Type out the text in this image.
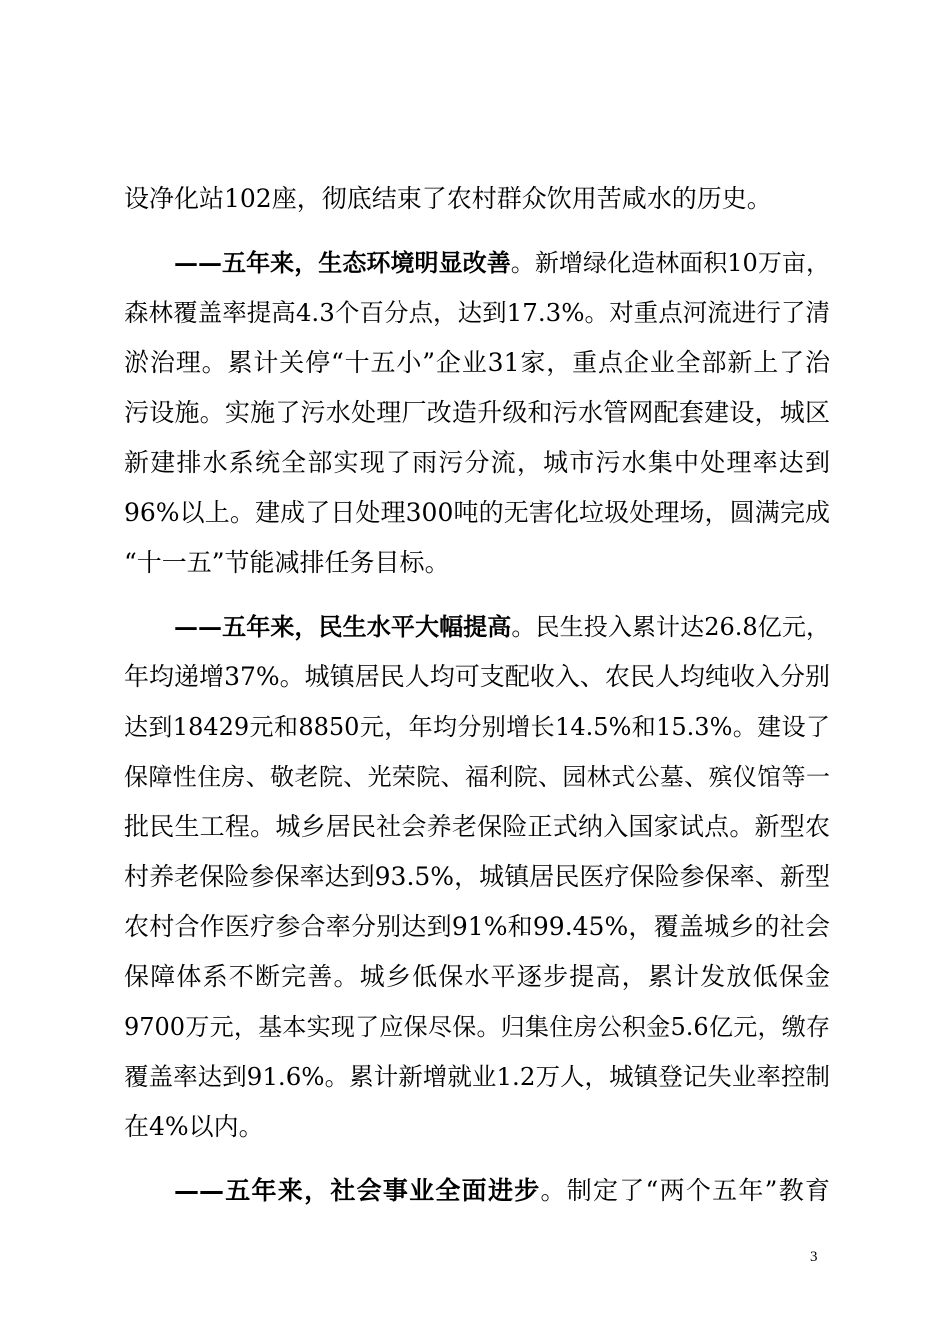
设净化站102座，彻底结束了农村群众饮用苦咸水的历史。
——五年来，生态环境明显改善。新增绿化造林面积10万亩，
森林覆盖率提高4.3个百分点，达到17.3%。对重点河流进行了清
淤治理。累计关停“十五小”企业31家，重点企业全部新上了治
污设施。实施了污水处理厂改造升级和污水管网配套建设，城区
新建排水系统全部实现了雨污分流，城市污水集中处理率达到
96%以上。建成了日处理300吨的无害化垃圾处理场，圆满完成
“十一五”节能减排任务目标。
——五年来，民生水平大幅提高。民生投入累计达26.8亿元，
年均递增37%。城镇居民人均可支配收入、农民人均纯收入分别
达到18429元和8850元，年均分别增长14.5%和15.3%。建设了
保障性住房、敬老院、光荣院、福利院、园林式公墓、殡仪馆等一
批民生工程。城乡居民社会养老保险正式纳入国家试点。新型农
村养老保险参保率达到93.5%，城镇居民医疗保险参保率、新型
农村合作医疗参合率分别达到91%和99.45%，覆盖城乡的社会
保障体系不断完善。城乡低保水平逐步提高，累计发放低保金
9700万元，基本实现了应保尽保。归集住房公积金5.6亿元，缴存
覆盖率达到91.6%。累计新增就业1.2万人，城镇登记失业率控制
在4%以内。
——五年来，社会事业全面进步。制定了“两个五年”教育
3
